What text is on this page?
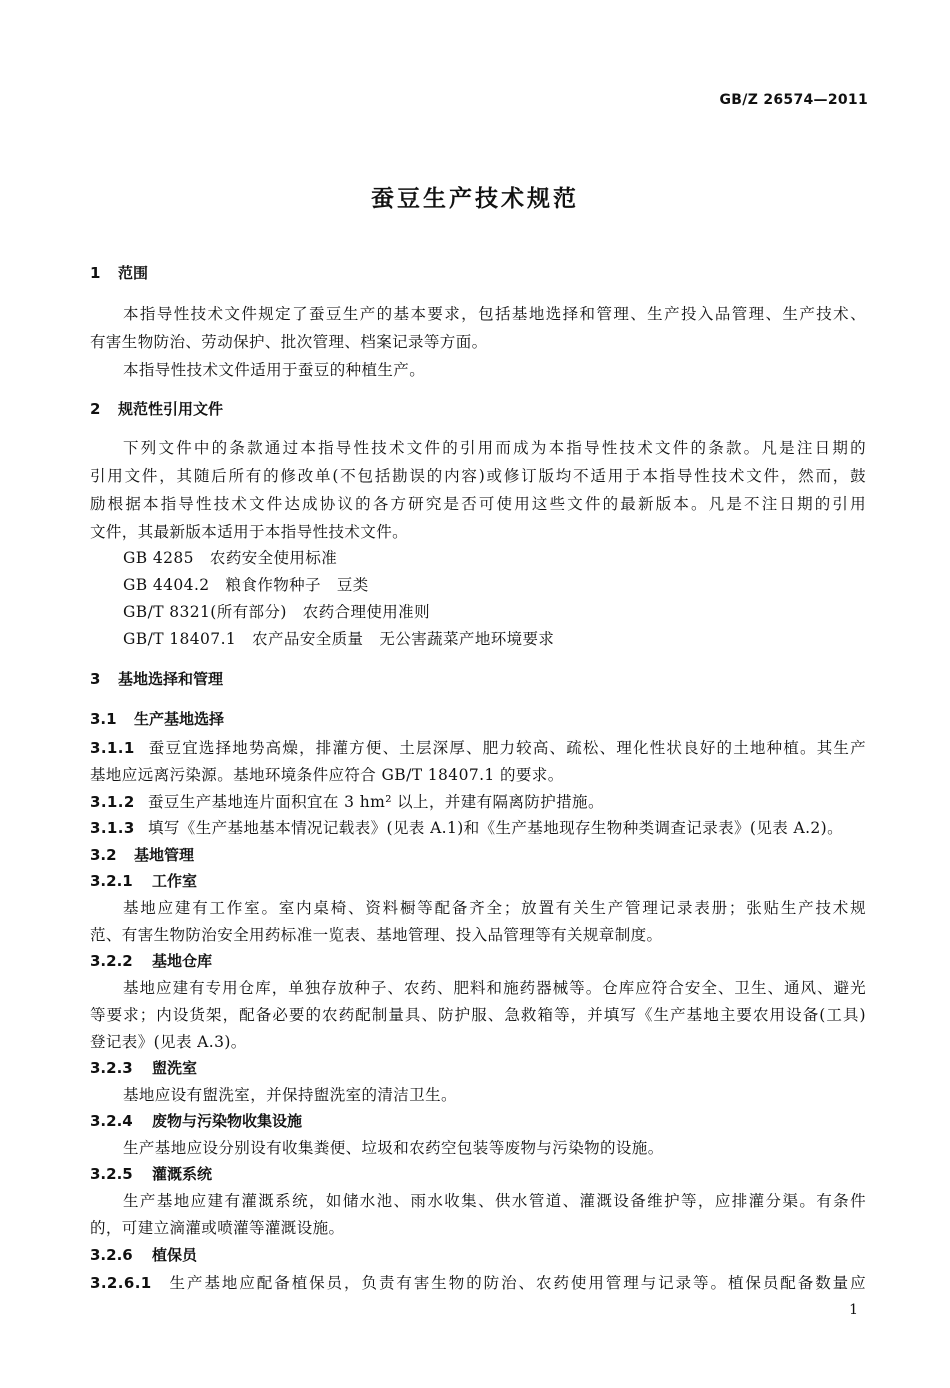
GB/Z 26574—2011
蚕豆生产技术规范
1 范围
本指导性技术文件规定了蚕豆生产的基本要求，包括基地选择和管理、生产投入品管理、生产技术、
有害生物防治、劳动保护、批次管理、档案记录等方面。
本指导性技术文件适用于蚕豆的种植生产。
2 规范性引用文件
下列文件中的条款通过本指导性技术文件的引用而成为本指导性技术文件的条款。凡是注日期的
引用文件，其随后所有的修改单(不包括勘误的内容)或修订版均不适用于本指导性技术文件，然而，鼓
励根据本指导性技术文件达成协议的各方研究是否可使用这些文件的最新版本。凡是不注日期的引用
文件，其最新版本适用于本指导性技术文件。
GB 4285   农药安全使用标准
GB 4404.2   粮食作物种子   豆类
GB/T 8321(所有部分)   农药合理使用准则
GB/T 18407.1   农产品安全质量   无公害蔬菜产地环境要求
3 基地选择和管理
3.1 生产基地选择
3.1.1 蚕豆宜选择地势高燥，排灌方便、土层深厚、肥力较高、疏松、理化性状良好的土地种植。其生产
基地应远离污染源。基地环境条件应符合 GB/T 18407.1 的要求。
3.1.2 蚕豆生产基地连片面积宜在 3 hm² 以上，并建有隔离防护措施。
3.1.3 填写《生产基地基本情况记载表》(见表 A.1)和《生产基地现存生物种类调查记录表》(见表 A.2)。
3.2 基地管理
3.2.1 工作室
基地应建有工作室。室内桌椅、资料橱等配备齐全；放置有关生产管理记录表册；张贴生产技术规
范、有害生物防治安全用药标准一览表、基地管理、投入品管理等有关规章制度。
3.2.2 基地仓库
基地应建有专用仓库，单独存放种子、农药、肥料和施药器械等。仓库应符合安全、卫生、通风、避光
等要求；内设货架，配备必要的农药配制量具、防护服、急救箱等，并填写《生产基地主要农用设备(工具)
登记表》(见表 A.3)。
3.2.3 盥洗室
基地应设有盥洗室，并保持盥洗室的清洁卫生。
3.2.4 废物与污染物收集设施
生产基地应设分别设有收集粪便、垃圾和农药空包装等废物与污染物的设施。
3.2.5 灌溉系统
生产基地应建有灌溉系统，如储水池、雨水收集、供水管道、灌溉设备维护等，应排灌分渠。有条件
的，可建立滴灌或喷灌等灌溉设施。
3.2.6 植保员
3.2.6.1 生产基地应配备植保员，负责有害生物的防治、农药使用管理与记录等。植保员配备数量应
1
